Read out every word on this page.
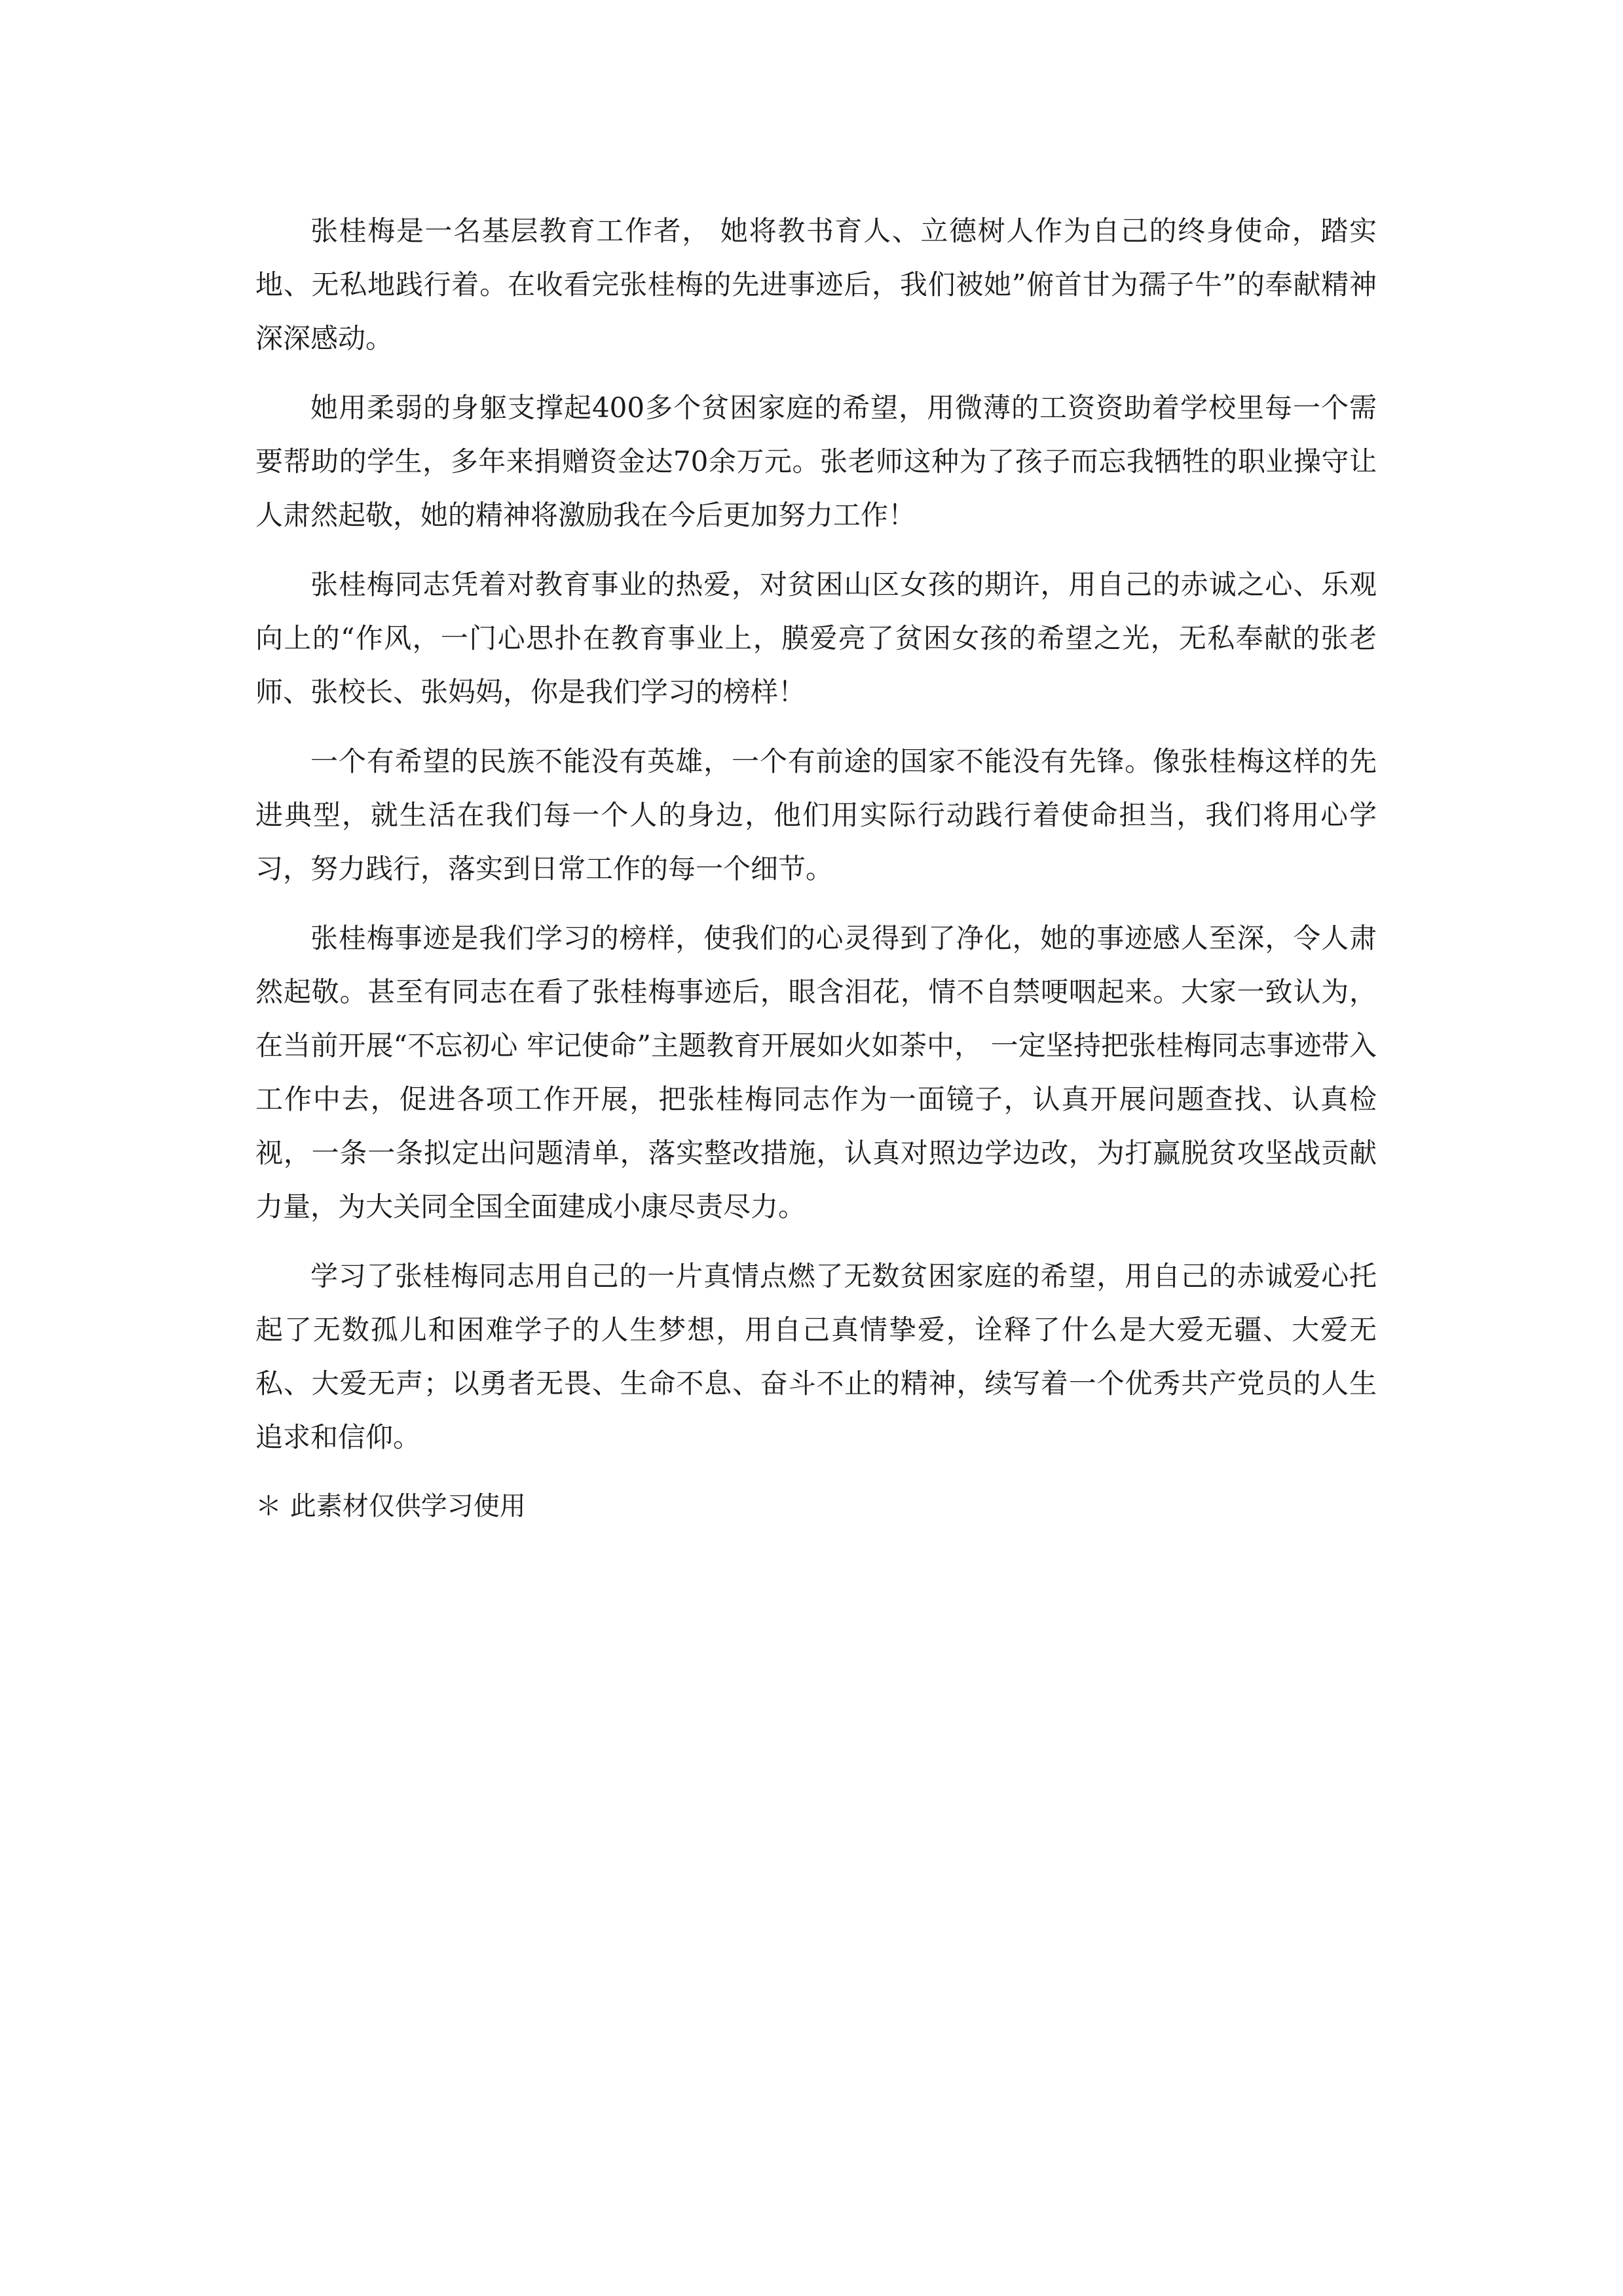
张桂梅是一名基层教育工作者， 她将教书育人、立德树人作为自己的终身使命，踏实地、无私地践行着。在收看完张桂梅的先进事迹后，我们被她”俯首甘为孺子牛”的奉献精神深深感动。

她用柔弱的身躯支撑起400多个贫困家庭的希望，用微薄的工资资助着学校里每一个需 要帮助的学生，多年来捐赠资金达70余万元。张老师这种为了孩子而忘我牺牲的职业操守让人肃然起敬，她的精神将激励我在今后更加努力工作！

张桂梅同志凭着对教育事业的热爱，对贫困山区女孩的期许，用自己的赤诚之心、乐观向上的“作风，一门心思扑在教育事业上，膜爱亮了贫困女孩的希望之光，无私奉献的张老师、张校长、张妈妈，你是我们学习的榜样！

一个有希望的民族不能没有英雄，一个有前途的国家不能没有先锋。像张桂梅这样的先进典型，就生活在我们每一个人的身边，他们用实际行动践行着使命担当，我们将用心学习，努力践行，落实到日常工作的每一个细节。

张桂梅事迹是我们学习的榜样，使我们的心灵得到了净化，她的事迹感人至深，令人肃然起敬。甚至有同志在看了张桂梅事迹后，眼含泪花，情不自禁哽咽起来。大家一致认为，在当前开展“不忘初心 牢记使命”主题教育开展如火如荼中， 一定坚持把张桂梅同志事迹带入工作中去，促进各项工作开展，把张桂梅同志作为一面镜子，认真开展问题查找、认真检视，一条一条拟定出问题清单，落实整改措施，认真对照边学边改，为打赢脱贫攻坚战贡献力量，为大关同全国全面建成小康尽责尽力。

学习了张桂梅同志用自己的一片真情点燃了无数贫困家庭的希望，用自己的赤诚爱心托起了无数孤儿和困难学子的人生梦想，用自己真情挚爱，诠释了什么是大爱无疆、大爱无私、大爱无声；以勇者无畏、生命不息、奋斗不止的精神，续写着一个优秀共产党员的人生追求和信仰。

＊ 此素材仅供学习使用
